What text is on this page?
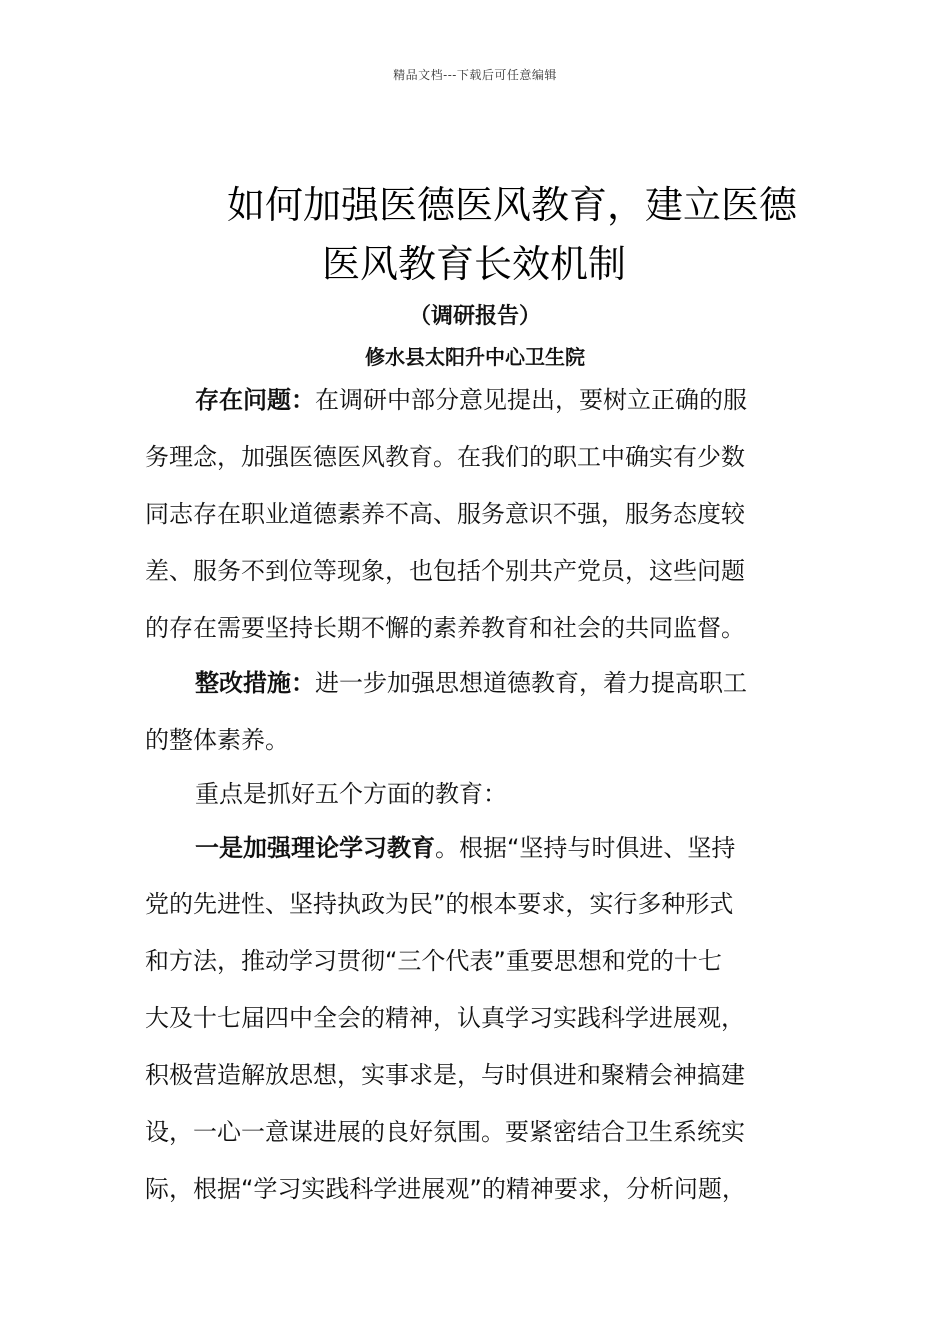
精品文档---下载后可任意编辑
如何加强医德医风教育，建立医德
医风教育长效机制
（调研报告）
修水县太阳升中心卫生院
存在问题：在调研中部分意见提出，要树立正确的服
务理念，加强医德医风教育。在我们的职工中确实有少数
同志存在职业道德素养不高、服务意识不强，服务态度较
差、服务不到位等现象，也包括个别共产党员，这些问题
的存在需要坚持长期不懈的素养教育和社会的共同监督。
整改措施：进一步加强思想道德教育，着力提高职工
的整体素养。
重点是抓好五个方面的教育：
一是加强理论学习教育。根据“坚持与时俱进、坚持
党的先进性、坚持执政为民”的根本要求，实行多种形式
和方法，推动学习贯彻“三个代表”重要思想和党的十七
大及十七届四中全会的精神，认真学习实践科学进展观，
积极营造解放思想，实事求是，与时俱进和聚精会神搞建
设，一心一意谋进展的良好氛围。要紧密结合卫生系统实
际，根据“学习实践科学进展观”的精神要求，分析问题，
